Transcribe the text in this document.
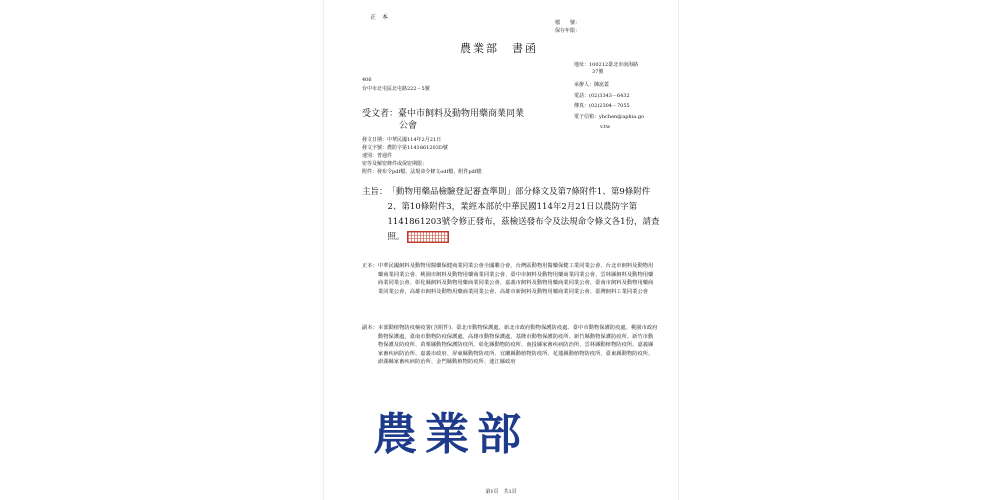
正　本
檔　　號：
保存年限：
農業部　書函
地址：100212臺北市南海路
37號
承辦人：陳崑蓋
電話：(02)3343－6432
傳真：(02)2304－7055
電子信箱：yhchen@aphia.go
v.tw
406
台中市北屯區北屯路222－5號
受文者：臺中市飼料及動物用藥商業同業
公會
發文日期：中華民國114年2月21日
發文字號：農防字第1141861203D號
速別：普通件
密等及解密條件或保密期限：
附件：發布令pdf檔、法規命令條文odf檔，附件pdf檔
主旨： 「動物用藥品檢驗登記審查準則」部分條文及第7條附件1、第9條附件2、第10條附件3，業經本部於中華民國114年2月21日以農防字第1141861203號令修正發布，茲檢送發布令及法規命令條文各1份，請查照。
正本： 中華民國飼料及動物用醫藥保健商業同業公會全國聯合會、台灣區動物用醫藥保健工業同業公會、台北市飼料及動物用藥商業同業公會、桃園市飼料及動物用藥商業同業公會、臺中市飼料及動物用藥商業同業公會、雲林縣飼料及動物用藥商業同業公會、彰化縣飼料及動物用藥商業同業公會、嘉義市飼料及動物用藥商業同業公會、臺南市飼料及動物用藥商業同業公會、高雄市飼料及動物用藥商業同業公會、高雄市新飼料及動物用藥商業同業公會、臺灣飼料工業同業公會
副本： 本部動植物防疫檢疫署(含附件)、臺北市動物保護處、新北市政府動物保護防疫處、臺中市動物保護防疫處、桃園市政府動物保護處、臺南市動物防疫保護處、高雄市動物保護處、基隆市動物保護防疫所、新竹縣動物保護防疫所、新竹市動物保護及防疫所、苗栗縣動物保護防疫所、彰化縣動物防疫所、南投縣家畜疾病防治所、雲林縣動植物防疫所、嘉義縣家畜疾病防治所、嘉義市政府、屏東縣動物防疫所、宜蘭縣動植物防疫所、花蓮縣動植物防疫所、臺東縣動物防疫所、澎湖縣家畜疾病防治所、金門縣動植物防疫所、連江縣政府
農業部
第1頁　共1頁
